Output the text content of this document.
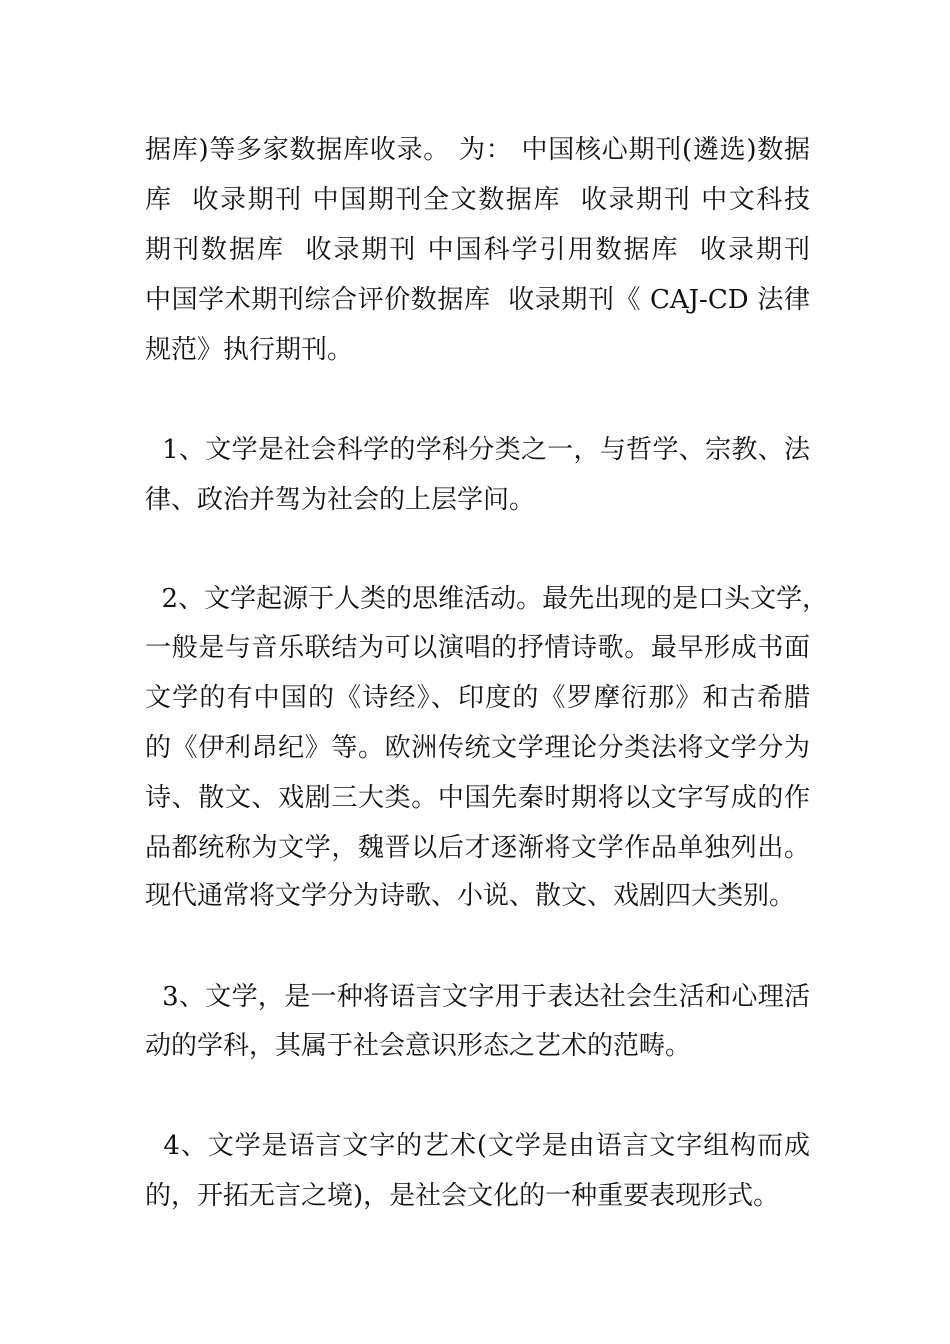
据库)等多家数据库收录。 为： 中国核心期刊(遴选)数据
库  收录期刊 中国期刊全文数据库  收录期刊 中文科技
期刊数据库  收录期刊 中国科学引用数据库  收录期刊
中国学术期刊综合评价数据库  收录期刊《 CAJ-CD 法律
规范》执行期刊。
1、文学是社会科学的学科分类之一，与哲学、宗教、法
律、政治并驾为社会的上层学问。
2、文学起源于人类的思维活动。最先出现的是口头文学，
一般是与音乐联结为可以演唱的抒情诗歌。最早形成书面
文学的有中国的《诗经》、印度的《罗摩衍那》和古希腊
的《伊利昂纪》等。欧洲传统文学理论分类法将文学分为
诗、散文、戏剧三大类。中国先秦时期将以文字写成的作
品都统称为文学，魏晋以后才逐渐将文学作品单独列出。
现代通常将文学分为诗歌、小说、散文、戏剧四大类别。
3、文学，是一种将语言文字用于表达社会生活和心理活
动的学科，其属于社会意识形态之艺术的范畴。
4、文学是语言文字的艺术(文学是由语言文字组构而成
的，开拓无言之境)，是社会文化的一种重要表现形式。
